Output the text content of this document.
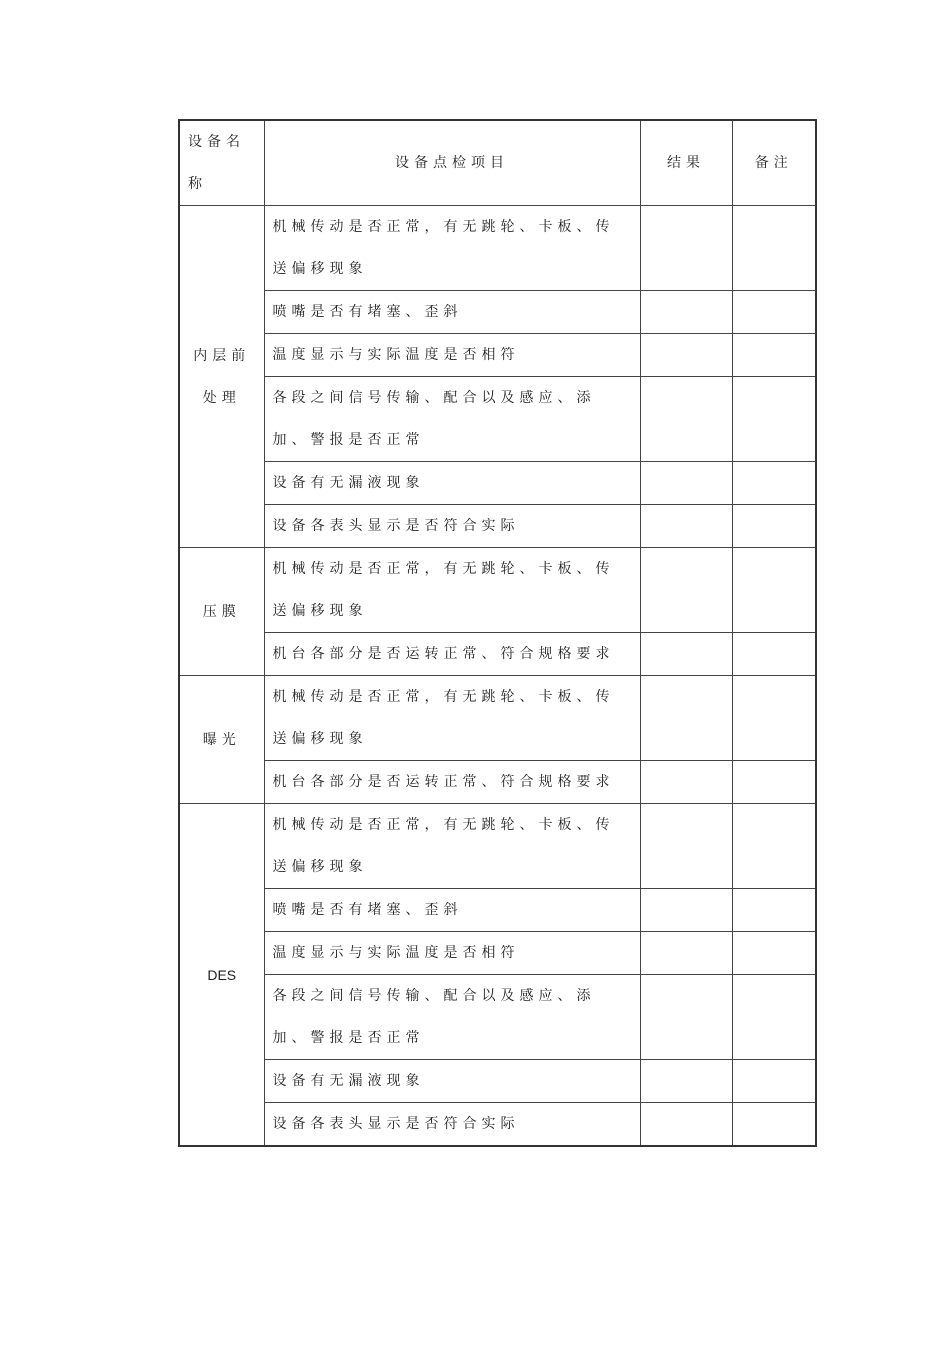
设备名称	设备点检项目	结果	备注
内层前处理	机械传动是否正常，有无跳轮、卡板、传送偏移现象		
	喷嘴是否有堵塞、歪斜		
	温度显示与实际温度是否相符		
	各段之间信号传输、配合以及感应、添加、警报是否正常		
	设备有无漏液现象		
	设备各表头显示是否符合实际		
压膜	机械传动是否正常，有无跳轮、卡板、传送偏移现象		
	机台各部分是否运转正常、符合规格要求		
曝光	机械传动是否正常，有无跳轮、卡板、传送偏移现象		
	机台各部分是否运转正常、符合规格要求		
DES	机械传动是否正常，有无跳轮、卡板、传送偏移现象		
	喷嘴是否有堵塞、歪斜		
	温度显示与实际温度是否相符		
	各段之间信号传输、配合以及感应、添加、警报是否正常		
	设备有无漏液现象		
	设备各表头显示是否符合实际		
